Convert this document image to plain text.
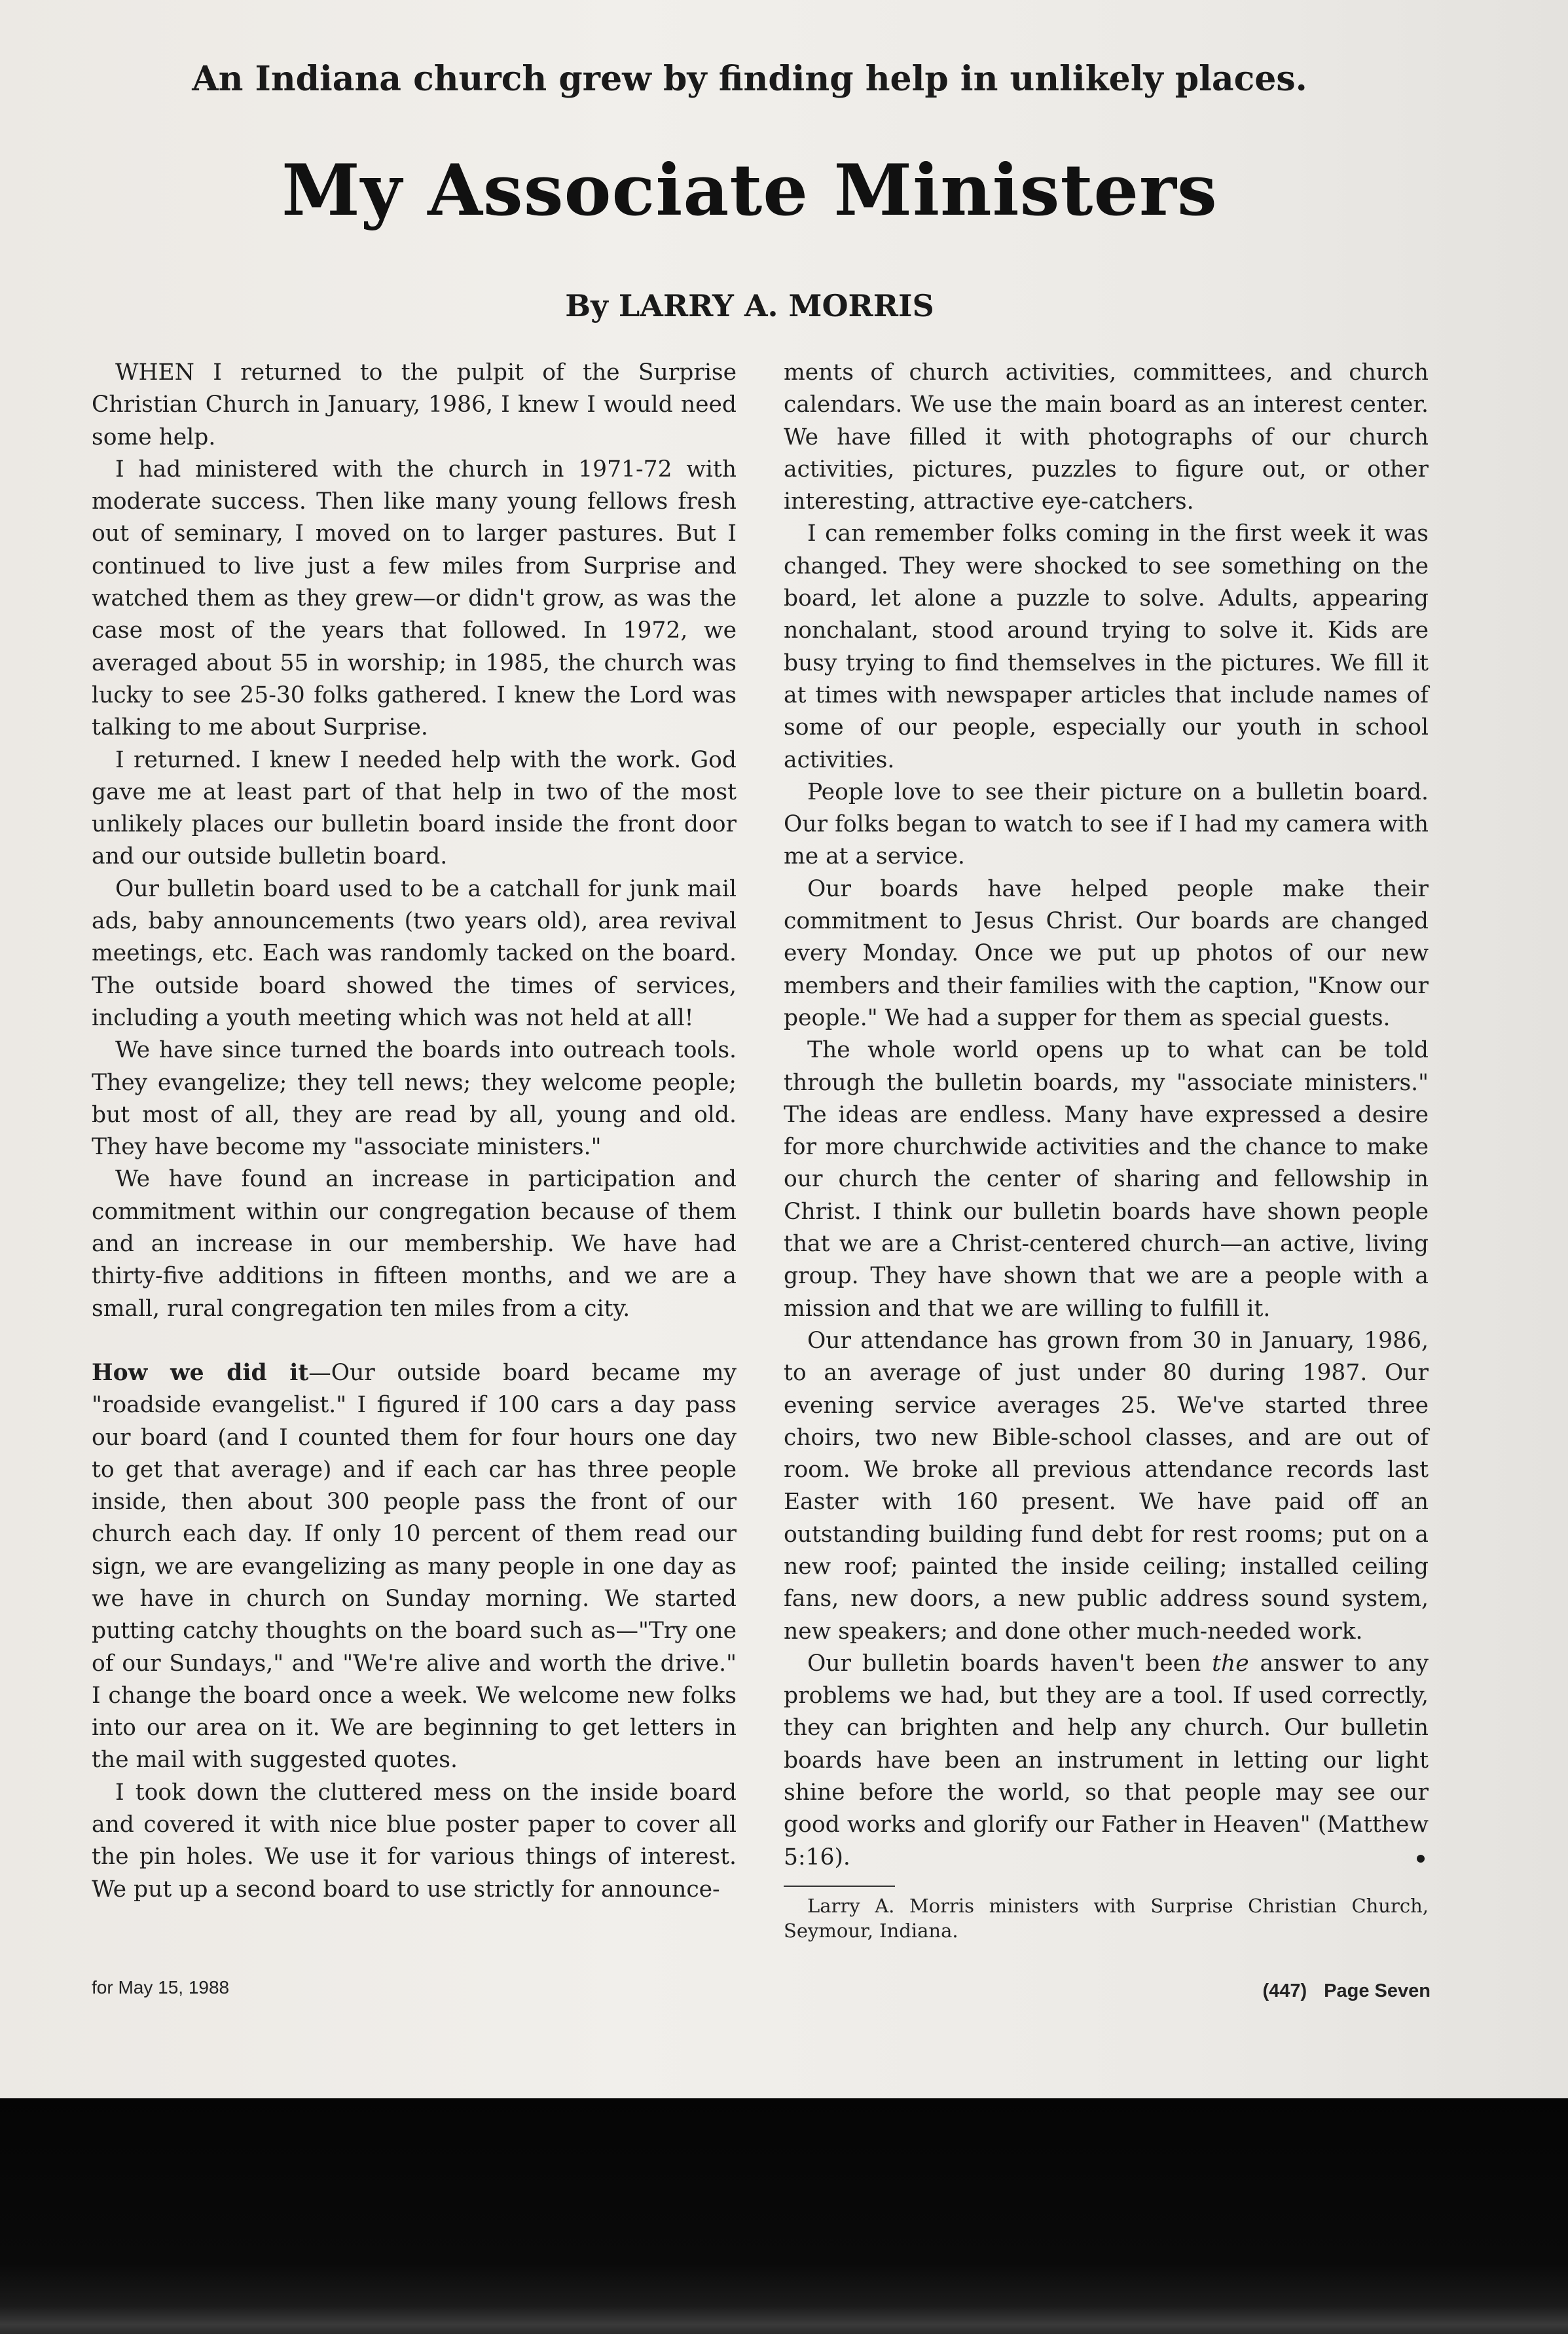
An Indiana church grew by finding help in unlikely places.
My Associate Ministers
By LARRY A. MORRIS

WHEN I returned to the pulpit of the Surprise Christian Church in January, 1986, I knew I would need some help.

I had ministered with the church in 1971-72 with moderate success. Then like many young fellows fresh out of seminary, I moved on to larger pastures. But I continued to live just a few miles from Surprise and watched them as they grew—or didn't grow, as was the case most of the years that followed. In 1972, we averaged about 55 in worship; in 1985, the church was lucky to see 25-30 folks gathered. I knew the Lord was talking to me about Surprise.

I returned. I knew I needed help with the work. God gave me at least part of that help in two of the most unlikely places our bulletin board inside the front door and our outside bulletin board.

Our bulletin board used to be a catchall for junk mail ads, baby announcements (two years old), area revival meetings, etc. Each was randomly tacked on the board. The outside board showed the times of services, including a youth meeting which was not held at all!

We have since turned the boards into outreach tools. They evangelize; they tell news; they welcome people; but most of all, they are read by all, young and old. They have become my "associate ministers."

We have found an increase in participation and commitment within our congregation because of them and an increase in our membership. We have had thirty-five additions in fifteen months, and we are a small, rural congregation ten miles from a city.

How we did it—Our outside board became my "roadside evangelist." I figured if 100 cars a day pass our board (and I counted them for four hours one day to get that average) and if each car has three people inside, then about 300 people pass the front of our church each day. If only 10 percent of them read our sign, we are evangelizing as many people in one day as we have in church on Sunday morning. We started putting catchy thoughts on the board such as—"Try one of our Sundays," and "We're alive and worth the drive." I change the board once a week. We welcome new folks into our area on it. We are beginning to get letters in the mail with suggested quotes.

I took down the cluttered mess on the inside board and covered it with nice blue poster paper to cover all the pin holes. We use it for various things of interest. We put up a second board to use strictly for announce-

ments of church activities, committees, and church calendars. We use the main board as an interest center. We have filled it with photographs of our church activities, pictures, puzzles to figure out, or other interesting, attractive eye-catchers.

I can remember folks coming in the first week it was changed. They were shocked to see something on the board, let alone a puzzle to solve. Adults, appearing nonchalant, stood around trying to solve it. Kids are busy trying to find themselves in the pictures. We fill it at times with newspaper articles that include names of some of our people, especially our youth in school activities.

People love to see their picture on a bulletin board. Our folks began to watch to see if I had my camera with me at a service.

Our boards have helped people make their commitment to Jesus Christ. Our boards are changed every Monday. Once we put up photos of our new members and their families with the caption, "Know our people." We had a supper for them as special guests.

The whole world opens up to what can be told through the bulletin boards, my "associate ministers." The ideas are endless. Many have expressed a desire for more churchwide activities and the chance to make our church the center of sharing and fellowship in Christ. I think our bulletin boards have shown people that we are a Christ-centered church—an active, living group. They have shown that we are a people with a mission and that we are willing to fulfill it.

Our attendance has grown from 30 in January, 1986, to an average of just under 80 during 1987. Our evening service averages 25. We've started three choirs, two new Bible-school classes, and are out of room. We broke all previous attendance records last Easter with 160 present. We have paid off an outstanding building fund debt for rest rooms; put on a new roof; painted the inside ceiling; installed ceiling fans, new doors, a new public address sound system, new speakers; and done other much-needed work.

Our bulletin boards haven't been the answer to any problems we had, but they are a tool. If used correctly, they can brighten and help any church. Our bulletin boards have been an instrument in letting our light shine before the world, so that people may see our good works and glorify our Father in Heaven" (Matthew 5:16).

Larry A. Morris ministers with Surprise Christian Church, Seymour, Indiana.

for May 15, 1988	(447) Page Seven
